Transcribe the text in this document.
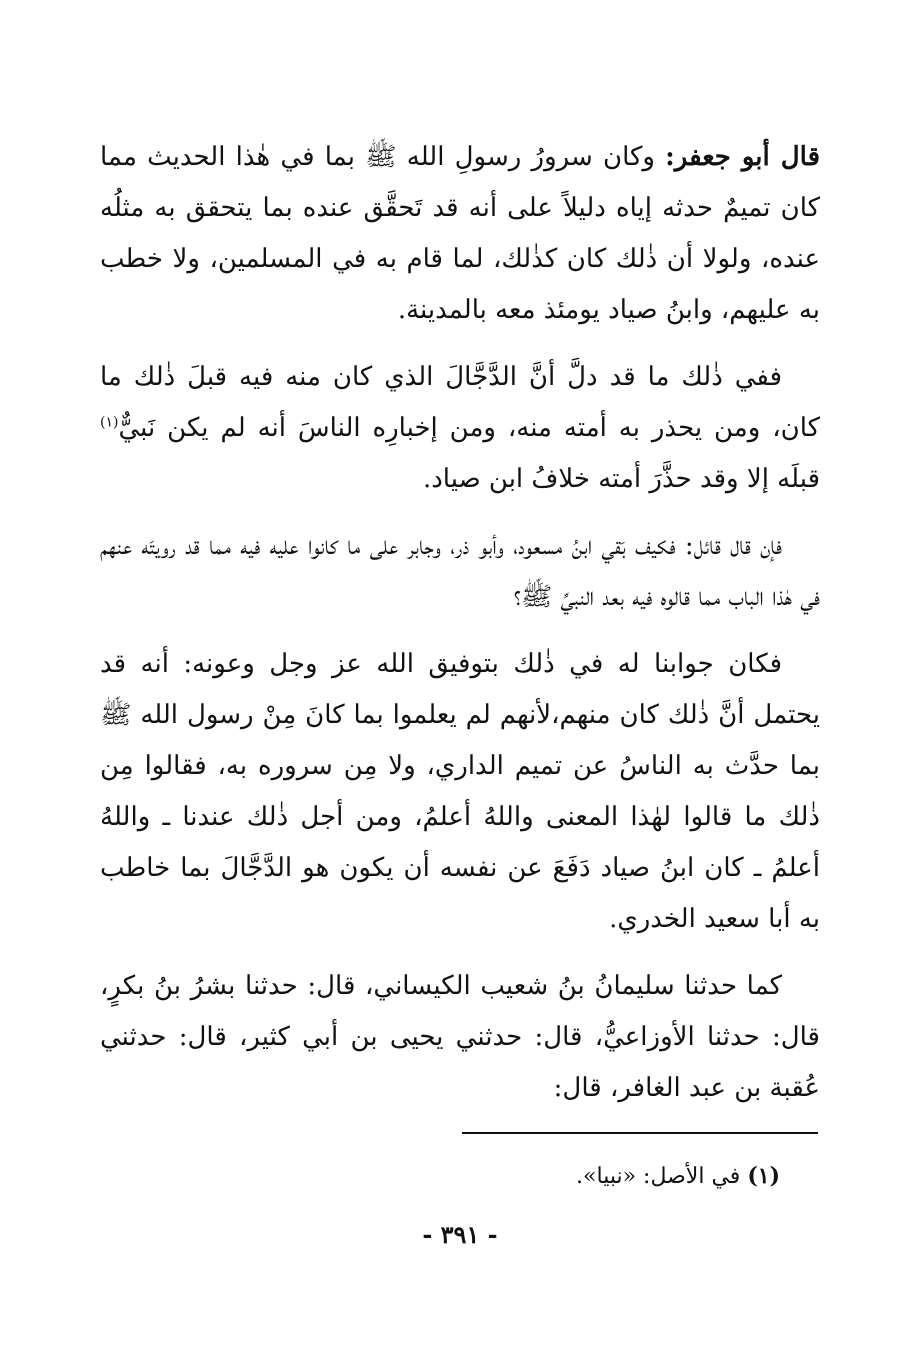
قال أبو جعفر: وكان سرورُ رسولِ الله ﷺ بما في هٰذا الحديث مما كان تميمٌ حدثه إياه دليلاً على أنه قد تَحقَّق عنده بما يتحقق به مثلُه عنده، ولولا أن ذٰلك كان كذٰلك، لما قام به في المسلمين، ولا خطب به عليهم، وابنُ صياد يومئذ معه بالمدينة.

ففي ذٰلك ما قد دلَّ أنَّ الدَّجَّالَ الذي كان منه فيه قبلَ ذٰلك ما كان، ومن يحذر به أمته منه، ومن إخبارِه الناسَ أنه لم يكن نَبيٌّ$^{(١)}$ قبلَه إلا وقد حذَّرَ أمته خلافُ ابن صياد.

فإن قال قائل: فكيف بَقي ابنُ مسعود، وأبو ذر، وجابر على ما كانوا عليه فيه مما قد رويتَه عنهم في هٰذا الباب مما قالوه فيه بعد النبيِّ ﷺ؟

فكان جوابنا له في ذٰلك بتوفيق الله عز وجل وعونه: أنه قد يحتمل أنَّ ذٰلك كان منهم،لأنهم لم يعلموا بما كانَ مِنْ رسول الله ﷺ بما حدَّث به الناسُ عن تميم الداري، ولا مِن سروره به، فقالوا مِن ذٰلك ما قالوا لهٰذا المعنى واللهُ أعلمُ، ومن أجل ذٰلك عندنا ـ واللهُ أعلمُ ـ كان ابنُ صياد دَفَعَ عن نفسه أن يكون هو الدَّجَّالَ بما خاطب به أبا سعيد الخدري.

كما حدثنا سليمانُ بنُ شعيب الكيساني، قال: حدثنا بشرُ بنُ بكرٍ، قال: حدثنا الأوزاعيُّ، قال: حدثني يحيى بن أبي كثير، قال: حدثني عُقبة بن عبد الغافر، قال:

(١) في الأصل: «نبيا».
- ٣٩١ -
